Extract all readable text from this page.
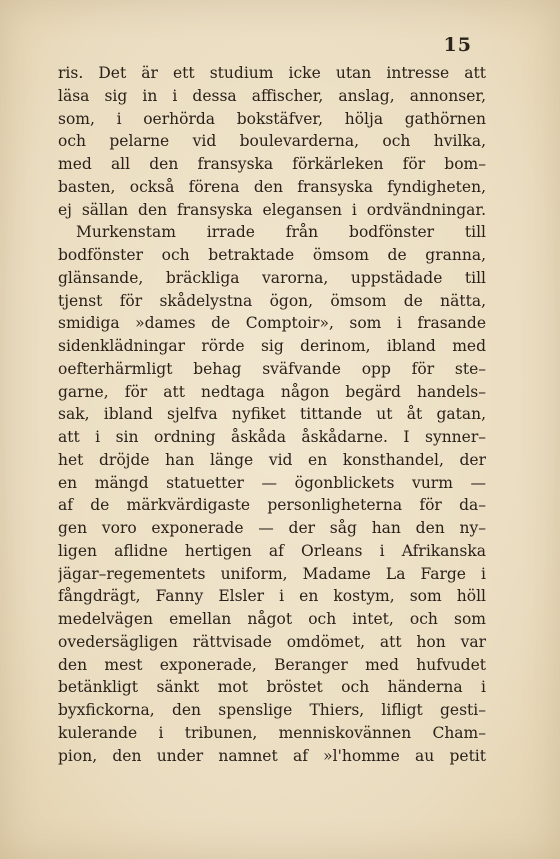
15
ris. Det är ett studium icke utan intresse att
läsa sig in i dessa affischer, anslag, annonser,
som, i oerhörda bokstäfver, hölja gathörnen
och pelarne vid boulevarderna, och hvilka,
med all den fransyska förkärleken för bom–
basten, också förena den fransyska fyndigheten,
ej sällan den fransyska elegansen i ordvändningar.
Murkenstam irrade från bodfönster till
bodfönster och betraktade ömsom de granna,
glänsande, bräckliga varorna, uppstädade till
tjenst för skådelystna ögon, ömsom de nätta,
smidiga »dames de Comptoir», som i frasande
sidenklädningar rörde sig derinom, ibland med
oefterhärmligt behag sväfvande opp för ste–
garne, för att nedtaga någon begärd handels–
sak, ibland sjelfva nyfiket tittande ut åt gatan,
att i sin ordning åskåda åskådarne. I synner–
het dröjde han länge vid en konsthandel, der
en mängd statuetter — ögonblickets vurm —
af de märkvärdigaste personligheterna för da–
gen voro exponerade — der såg han den ny–
ligen aflidne hertigen af Orleans i Afrikanska
jägar–regementets uniform, Madame La Farge i
fångdrägt, Fanny Elsler i en kostym, som höll
medelvägen emellan något och intet, och som
ovedersägligen rättvisade omdömet, att hon var
den mest exponerade, Beranger med hufvudet
betänkligt sänkt mot bröstet och händerna i
byxfickorna, den spenslige Thiers, lifligt gesti–
kulerande i tribunen, menniskovännen Cham–
pion, den under namnet af »l'homme au petit
